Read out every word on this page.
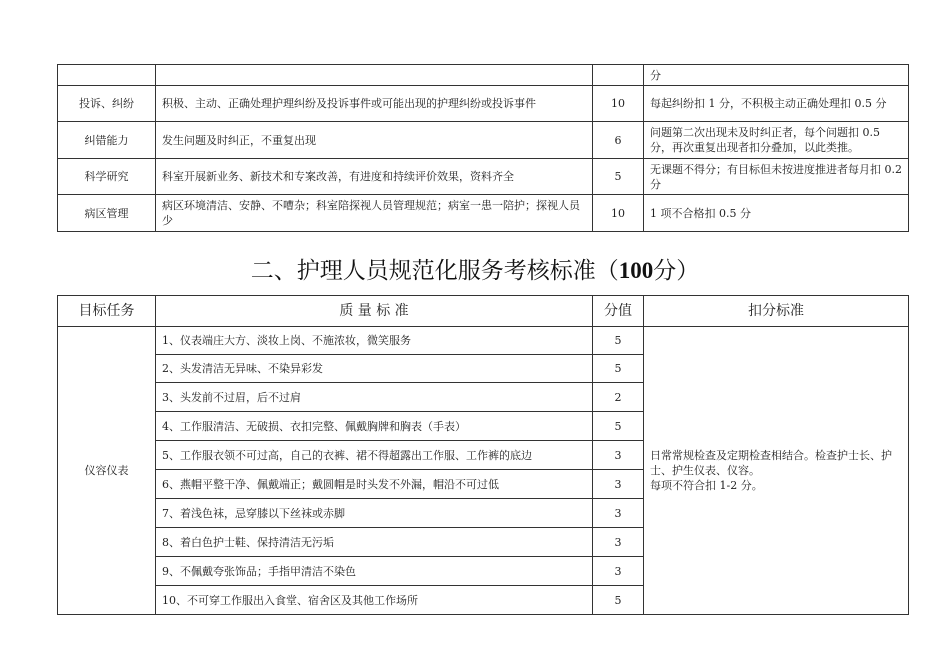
			分
投诉、纠纷	积极、主动、正确处理护理纠纷及投诉事件或可能出现的护理纠纷或投诉事件	10	每起纠纷扣 1 分，不积极主动正确处理扣 0.5 分
纠错能力	发生问题及时纠正，不重复出现	6	问题第二次出现未及时纠正者，每个问题扣 0.5 分，再次重复出现者扣分叠加，以此类推。
科学研究	科室开展新业务、新技术和专案改善，有进度和持续评价效果，资料齐全	5	无课题不得分；有目标但未按进度推进者每月扣 0.2 分
病区管理	病区环境清洁、安静、不嘈杂；科室陪探视人员管理规范；病室一患一陪护；探视人员少	10	1 项不合格扣 0.5 分
二、护理人员规范化服务考核标准（100分）
目标任务	质 量 标 准	分值	扣分标准
仪容仪表	1、仪表端庄大方、淡妆上岗、不施浓妆，微笑服务	5	日常常规检查及定期检查相结合。检查护士长、护士、护生仪表、仪容。
每项不符合扣 1-2 分。

	2、头发清洁无异味、不染异彩发	5	
	3、头发前不过眉，后不过肩	2	
	4、工作服清洁、无破损、衣扣完整、佩戴胸牌和胸表（手表）	5	
	5、工作服衣领不可过高，自己的衣裤、裙不得超露出工作服、工作裤的底边	3	
	6、燕帽平整干净、佩戴端正；戴圆帽是时头发不外漏，帽沿不可过低	3	
	7、着浅色袜，忌穿膝以下丝袜或赤脚	3	
	8、着白色护士鞋、保持清洁无污垢	3	
	9、不佩戴夸张饰品；手指甲清洁不染色	3	
	10、不可穿工作服出入食堂、宿舍区及其他工作场所	5	
